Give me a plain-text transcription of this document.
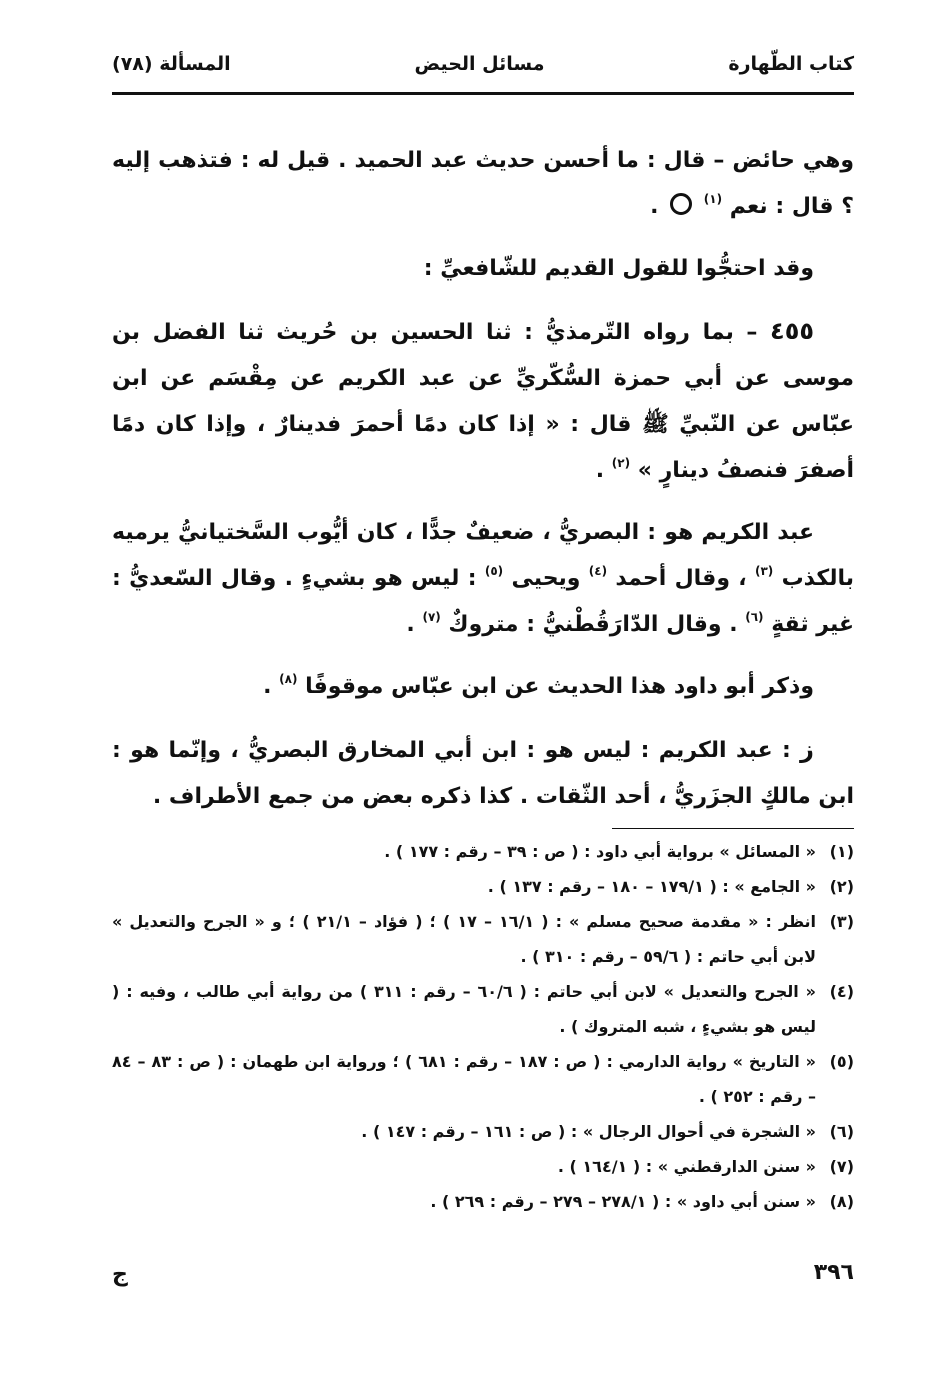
كتاب الطّهارة
مسائل الحيض
المسألة (٧٨)

وهي حائض – قال : ما أحسن حديث عبد الحميد . قيل له : فتذهب إليه ؟ قال : نعم $^{(١)}$  .

وقد احتجُّوا للقول القديم للشّافعيِّ :

٤٥٥ – بما رواه التّرمذيُّ : ثنا الحسين بن حُريث ثنا الفضل بن موسى عن أبي حمزة السُّكّريِّ عن عبد الكريم عن مِقْسَم عن ابن عبّاس عن النّبيِّ ﷺ قال : « إذا كان دمًا أحمرَ فدينارٌ ، وإذا كان دمًا أصفرَ فنصفُ دينارٍ » $^{(٢)}$ .

عبد الكريم هو : البصريُّ ، ضعيفٌ جدًّا ، كان أيُّوب السَّختيانيُّ يرميه بالكذب $^{(٣)}$ ، وقال أحمد $^{(٤)}$ ويحيى $^{(٥)}$ : ليس هو بشيءٍ . وقال السّعديُّ : غير ثقةٍ $^{(٦)}$ . وقال الدّارَقُطْنيُّ : متروكٌ $^{(٧)}$ .

وذكر أبو داود هذا الحديث عن ابن عبّاس موقوفًا $^{(٨)}$ .

ز : عبد الكريم : ليس هو : ابن أبي المخارق البصريُّ ، وإنّما هو : ابن مالكٍ الجزَريُّ ، أحد الثّقات . كذا ذكره بعض من جمع الأطراف .

(١)
« المسائل » برواية أبي داود : ( ص : ٣٩ – رقم : ١٧٧ ) .
(٢)
« الجامع » : ( ١٧٩/١ – ١٨٠ – رقم : ١٣٧ ) .
(٣)
انظر : « مقدمة صحيح مسلم » : ( ١٦/١ – ١٧ ) ؛ ( فؤاد – ٢١/١ ) ؛ و « الجرح والتعديل » لابن أبي حاتم : ( ٥٩/٦ – رقم : ٣١٠ ) .
(٤)
« الجرح والتعديل » لابن أبي حاتم : ( ٦٠/٦ – رقم : ٣١١ ) من رواية أبي طالب ، وفيه : ( ليس هو بشيءٍ ، شبه المتروك ) .
(٥)
« التاريخ » رواية الدارمي : ( ص : ١٨٧ – رقم : ٦٨١ ) ؛ ورواية ابن طهمان : ( ص : ٨٣ – ٨٤ – رقم : ٢٥٢ ) .
(٦)
« الشجرة في أحوال الرجال » : ( ص : ١٦١ – رقم : ١٤٧ ) .
(٧)
« سنن الدارقطني » : ( ١٦٤/١ ) .
(٨)
« سنن أبي داود » : ( ٢٧٨/١ – ٢٧٩ – رقم : ٢٦٩ ) .
٣٩٦
ج
